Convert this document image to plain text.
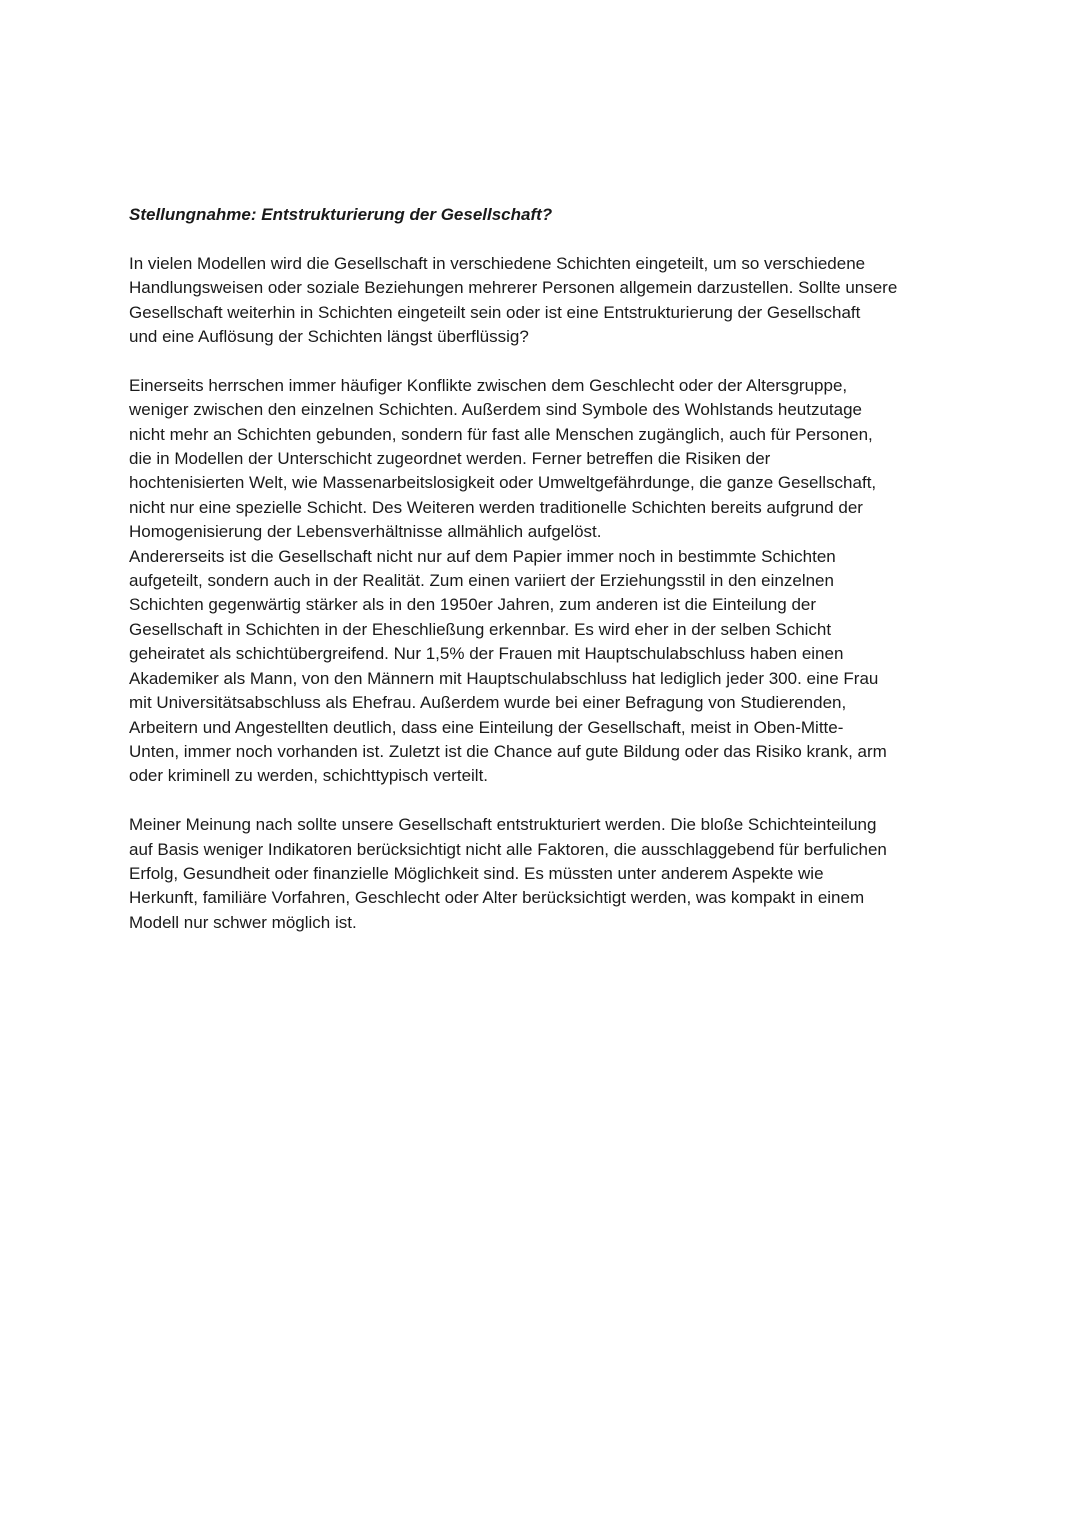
Stellungnahme: Entstrukturierung der Gesellschaft?

In vielen Modellen wird die Gesellschaft in verschiedene Schichten eingeteilt, um so verschiedene
Handlungsweisen oder soziale Beziehungen mehrerer Personen allgemein darzustellen. Sollte unsere
Gesellschaft weiterhin in Schichten eingeteilt sein oder ist eine Entstrukturierung der Gesellschaft
und eine Auflösung der Schichten längst überflüssig?

Einerseits herrschen immer häufiger Konflikte zwischen dem Geschlecht oder der Altersgruppe,
weniger zwischen den einzelnen Schichten. Außerdem sind Symbole des Wohlstands heutzutage
nicht mehr an Schichten gebunden, sondern für fast alle Menschen zugänglich, auch für Personen,
die in Modellen der Unterschicht zugeordnet werden. Ferner betreffen die Risiken der
hochtenisierten Welt, wie Massenarbeitslosigkeit oder Umweltgefährdunge, die ganze Gesellschaft,
nicht nur eine spezielle Schicht. Des Weiteren werden traditionelle Schichten bereits aufgrund der
Homogenisierung der Lebensverhältnisse allmählich aufgelöst.

Andererseits ist die Gesellschaft nicht nur auf dem Papier immer noch in bestimmte Schichten
aufgeteilt, sondern auch in der Realität. Zum einen variiert der Erziehungsstil in den einzelnen
Schichten gegenwärtig stärker als in den 1950er Jahren, zum anderen ist die Einteilung der
Gesellschaft in Schichten in der Eheschließung erkennbar. Es wird eher in der selben Schicht
geheiratet als schichtübergreifend. Nur 1,5% der Frauen mit Hauptschulabschluss haben einen
Akademiker als Mann, von den Männern mit Hauptschulabschluss hat lediglich jeder 300. eine Frau
mit Universitätsabschluss als Ehefrau. Außerdem wurde bei einer Befragung von Studierenden,
Arbeitern und Angestellten deutlich, dass eine Einteilung der Gesellschaft, meist in Oben-Mitte-
Unten, immer noch vorhanden ist. Zuletzt ist die Chance auf gute Bildung oder das Risiko krank, arm
oder kriminell zu werden, schichttypisch verteilt.

Meiner Meinung nach sollte unsere Gesellschaft entstrukturiert werden. Die bloße Schichteinteilung
auf Basis weniger Indikatoren berücksichtigt nicht alle Faktoren, die ausschlaggebend für berfulichen
Erfolg, Gesundheit oder finanzielle Möglichkeit sind. Es müssten unter anderem Aspekte wie
Herkunft, familiäre Vorfahren, Geschlecht oder Alter berücksichtigt werden, was kompakt in einem
Modell nur schwer möglich ist.
